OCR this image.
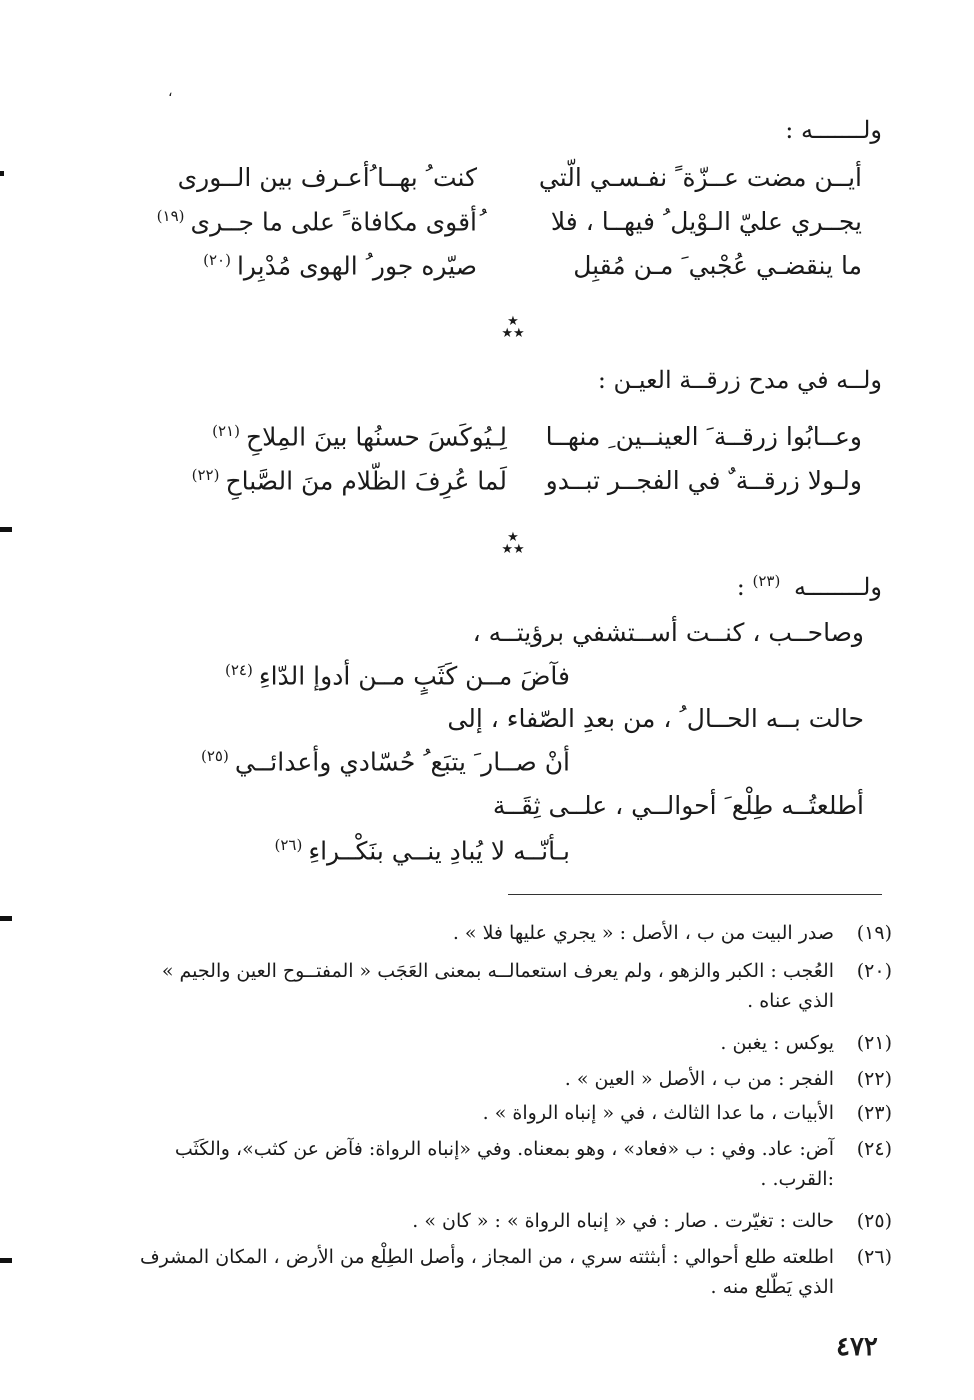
،
ولـــــــه :
أيــن مضت عــزّة ً نفـسـي الّتي
كنت ُ بهــا ُأعـرف بين الــورى
يجــري عليّ الـوْيل ُ فيهــا ، فلا
ُأقوى مكافاة ً على ما جــرى$^{(١٩)}$
ما ينقضـي عُجْبي َ مـن مُقبِل
صيّره جور ُ الهوى مُدْبِرا$^{(٢٠)}$
★
★★
ولــه في مدح زرقــة العيـن :
وعــابُوا زرقــة َ العينــين ِ منهــا
لِـيُوكَسَ حسنُها بينَ المِلاحِ$^{(٢١)}$
ولـولا زرقــة ٌ في الفجــر تبــدو
لَما عُرِفَ الظّلام منَ الصَّباحِ$^{(٢٢)}$
★
★★
ولــــــــه $^{(٢٣)}$ :
وصاحــب ، كنــت أســتشفي برؤيتــه ،
فآضَ مــن كَثَبٍ مــن أدوإ الدّاءِ$^{(٢٤)}$
حالت بــه الحــال ُ ، من بعدِ الصّفاء ، إلى
أنْ صــار َ يتبَع ُ حُسّادي وأعدائــي$^{(٢٥)}$
أطلعتُــه طِلْع َ أحوالــي ، علــى ثِقَــة
بـأنّــه لا يُبادِ ينــي بنَكْــراءِ$^{(٢٦)}$
(١٩)
صدر البيت من ب ، الأصل : « يجري عليها فلا » .
(٢٠)
العُجب : الكبر والزهو ، ولم يعرف استعمالــه بمعنى العَجَب « المفتــوح العين والجيم » الذي عناه .
(٢١)
يوكس : يغبن .
(٢٢)
الفجر : من ب ، الأصل « العين » .
(٢٣)
الأبيات ، ما عدا الثالث ، في « إنباه الرواة » .
(٢٤)
آض: عاد. وفي : ب «فعاد» ، وهو بمعناه. وفي «إنباه الرواة: فآض عن كثب»، والكَثَب :القرب. .
(٢٥)
حالت : تغيّرت . صار : في « إنباه الرواة » : « كان » .
(٢٦)
اطلعته طلع أحوالي : أبثثته سري ، من المجاز ، وأصل الطِلْع من الأرض ، المكان المشرف الذي يَطّلع منه .
٤٧٢
